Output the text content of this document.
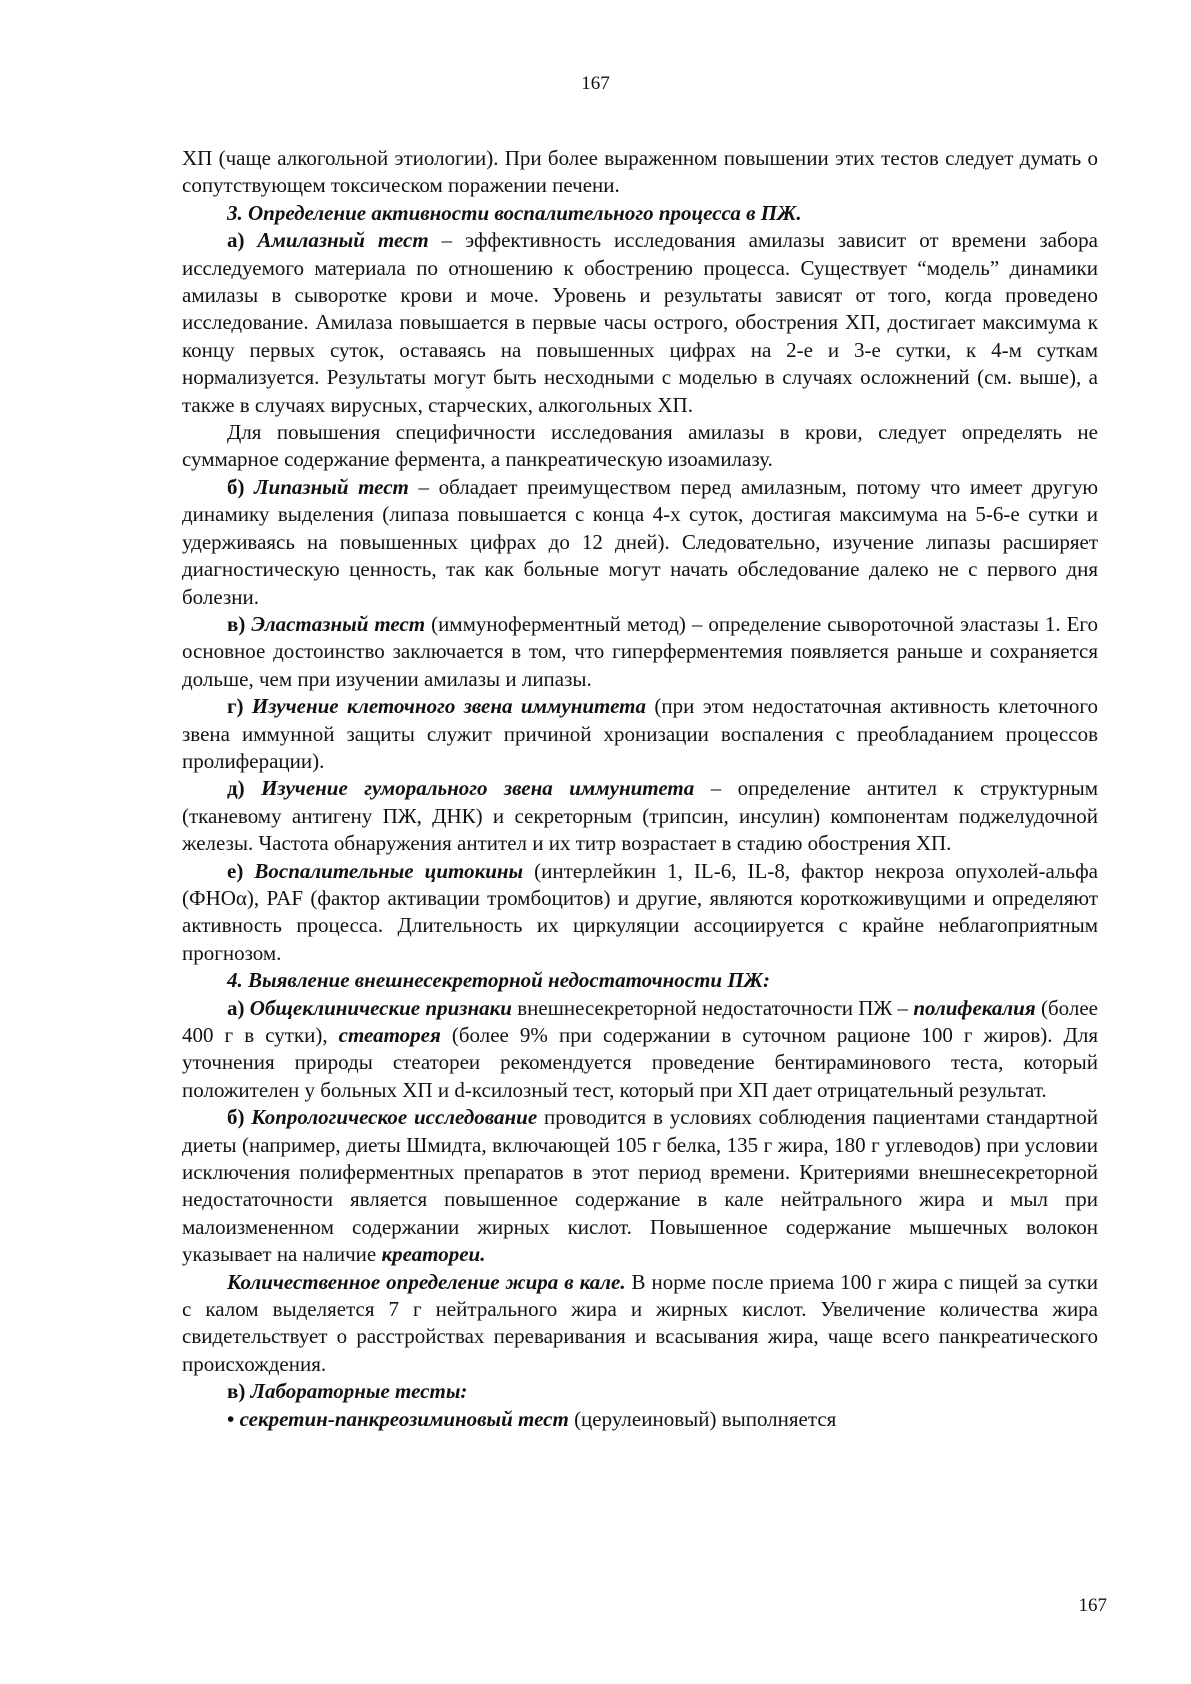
167

ХП (чаще алкогольной этиологии). При более выраженном повышении этих тестов следует думать о сопутствующем токсическом поражении печени.

3. Определение активности воспалительного процесса в ПЖ.

а) Амилазный тест – эффективность исследования амилазы зависит от времени забора исследуемого материала по отношению к обострению процесса. Существует “модель” динамики амилазы в сыворотке крови и моче. Уровень и результаты зависят от того, когда проведено исследование. Амилаза повышается в первые часы острого, обострения ХП, достигает максимума к концу первых суток, оставаясь на повышенных цифрах на 2-е и 3-е сутки, к 4-м суткам нормализуется. Результаты могут быть несходными с моделью в случаях осложнений (см. выше), а также в случаях вирусных, старческих, алкогольных ХП.

Для повышения специфичности исследования амилазы в крови, следует определять не суммарное содержание фермента, а панкреатическую изоамилазу.

б) Липазный тест – обладает преимуществом перед амилазным, потому что имеет другую динамику выделения (липаза повышается с конца 4-х суток, достигая максимума на 5-6-е сутки и удерживаясь на повышенных цифрах до 12 дней). Следовательно, изучение липазы расширяет диагностическую ценность, так как больные могут начать обследование далеко не с первого дня болезни.

в) Эластазный тест (иммуноферментный метод) – определение сывороточной эластазы 1. Его основное достоинство заключается в том, что гиперферментемия появляется раньше и сохраняется дольше, чем при изучении амилазы и липазы.

г) Изучение клеточного звена иммунитета (при этом недостаточная активность клеточного звена иммунной защиты служит причиной хронизации воспаления с преобладанием процессов пролиферации).

д) Изучение гуморального звена иммунитета – определение антител к структурным (тканевому антигену ПЖ, ДНК) и секреторным (трипсин, инсулин) компонентам поджелудочной железы. Частота обнаружения антител и их титр возрастает в стадию обострения ХП.

е) Воспалительные цитокины (интерлейкин 1, IL-6, IL-8, фактор некроза опухолей-альфа (ФНОα), PAF (фактор активации тромбоцитов) и другие, являются короткоживущими и определяют активность процесса. Длительность их циркуляции ассоциируется с крайне неблагоприятным прогнозом.

4. Выявление внешнесекреторной недостаточности ПЖ:

а) Общеклинические признаки внешнесекреторной недостаточности ПЖ – полифекалия (более 400 г в сутки), стеаторея (более 9% при содержании в суточном рационе 100 г жиров). Для уточнения природы стеатореи рекомендуется проведение бентираминового теста, который положителен у больных ХП и d-ксилозный тест, который при ХП дает отрицательный результат.

б) Копрологическое исследование проводится в условиях соблюдения пациентами стандартной диеты (например, диеты Шмидта, включающей 105 г белка, 135 г жира, 180 г углеводов) при условии исключения полиферментных препаратов в этот период времени. Критериями внешнесекреторной недостаточности является повышенное содержание в кале нейтрального жира и мыл при малоизмененном содержании жирных кислот. Повышенное содержание мышечных волокон указывает на наличие креатореи.

Количественное определение жира в кале. В норме после приема 100 г жира с пищей за сутки с калом выделяется 7 г нейтрального жира и жирных кислот. Увеличение количества жира свидетельствует о расстройствах переваривания и всасывания жира, чаще всего панкреатического происхождения.

в) Лабораторные тесты:

• секретин-панкреозиминовый тест (церулеиновый) выполняется

167
